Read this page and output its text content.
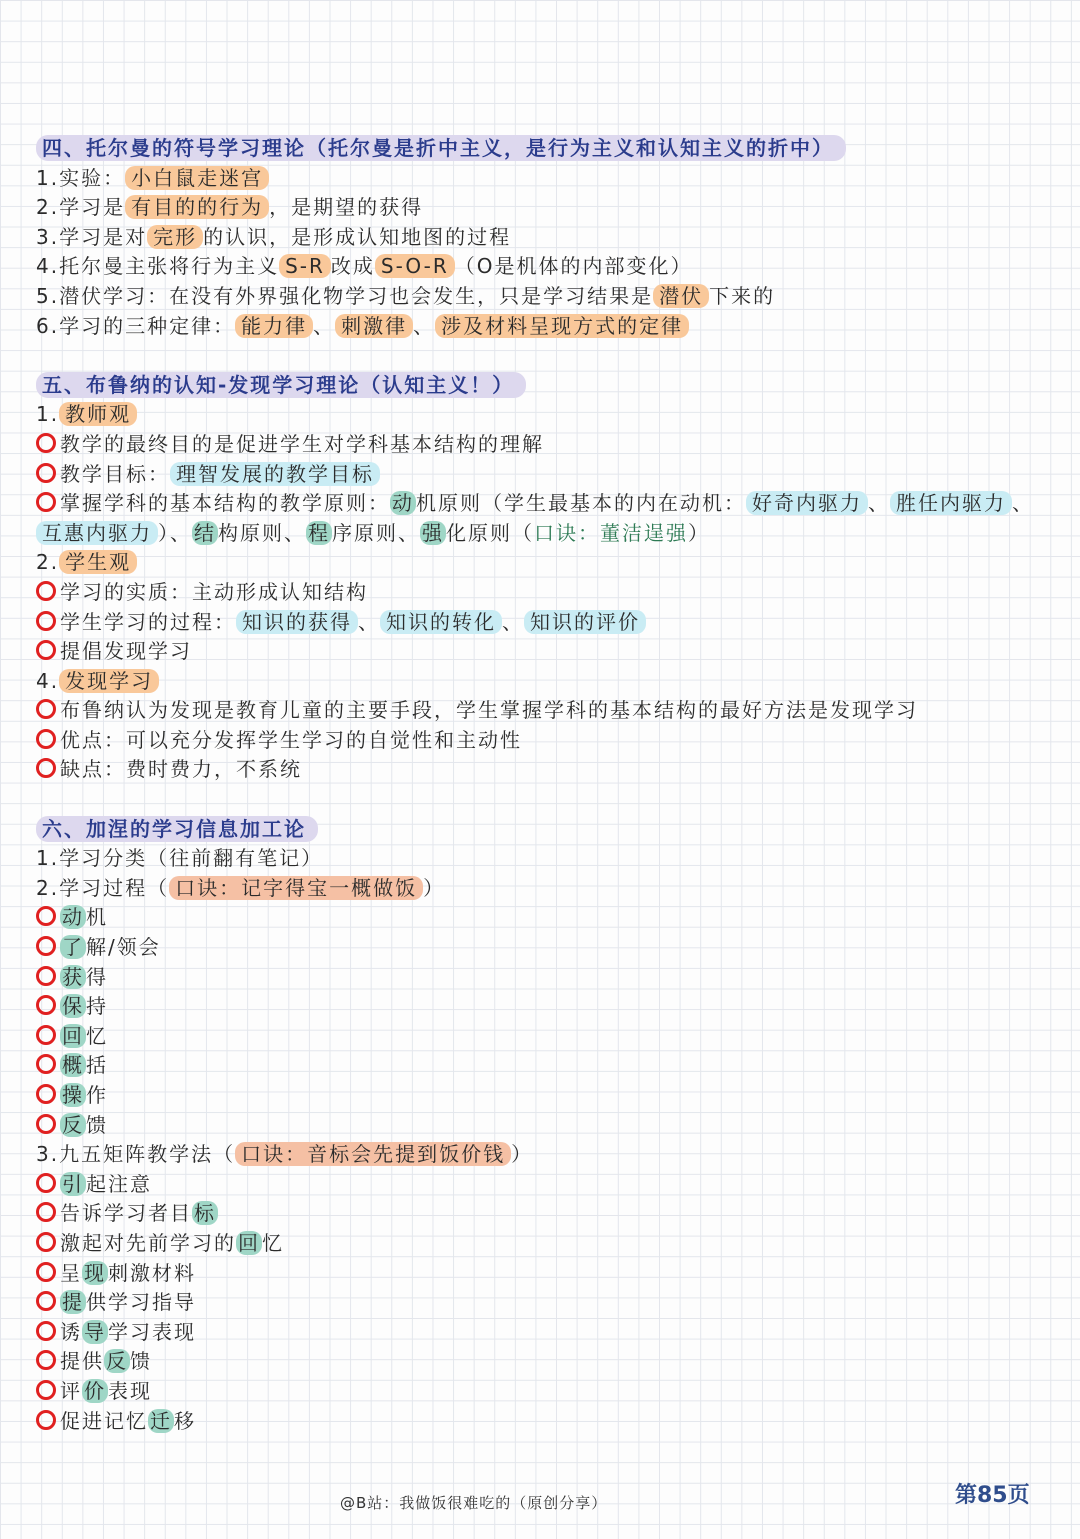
四、托尔曼的符号学习理论（托尔曼是折中主义，是行为主义和认知主义的折中）
1.实验： 小白鼠走迷宫
2.学习是 有目的的行为 ，是期望的获得
3.学习是对 完形 的认识，是形成认知地图的过程
4.托尔曼主张将行为主义 S-R 改成 S-O-R （O是机体的内部变化）
5.潜伏学习：在没有外界强化物学习也会发生，只是学习结果是 潜伏 下来的
6.学习的三种定律： 能力律 、 刺激律 、 涉及材料呈现方式的定律
五、布鲁纳的认知-发现学习理论（认知主义！）
1. 教师观
教学的最终目的是促进学生对学科基本结构的理解
教学目标： 理智发展的教学目标
掌握学科的基本结构的教学原则： 动 机原则（学生最基本的内在动机： 好奇内驱力 、 胜任内驱力 、互惠内驱力 ）、 结 构原则、 程 序原则、 强 化原则（口诀：董洁逞强）
2. 学生观
学习的实质：主动形成认知结构
学生学习的过程： 知识的获得 、 知识的转化 、 知识的评价
提倡发现学习
4. 发现学习
布鲁纳认为发现是教育儿童的主要手段，学生掌握学科的基本结构的最好方法是发现学习
优点：可以充分发挥学生学习的自觉性和主动性
缺点：费时费力，不系统
六、加涅的学习信息加工论
1.学习分类（往前翻有笔记）
2.学习过程（ 口诀：记字得宝一概做饭 ）
动 机
了 解/领会
获 得
保 持
回 忆
概 括
操 作
反 馈
3.九五矩阵教学法（ 口诀：音标会先提到饭价钱 ）
引 起注意
告诉学习者目 标
激起对先前学习的 回 忆
呈 现 刺激材料
提 供学习指导
诱 导 学习表现
提供 反 馈
评 价 表现
促进记忆 迁 移
@B站：我做饭很难吃的（原创分享）	第85页
